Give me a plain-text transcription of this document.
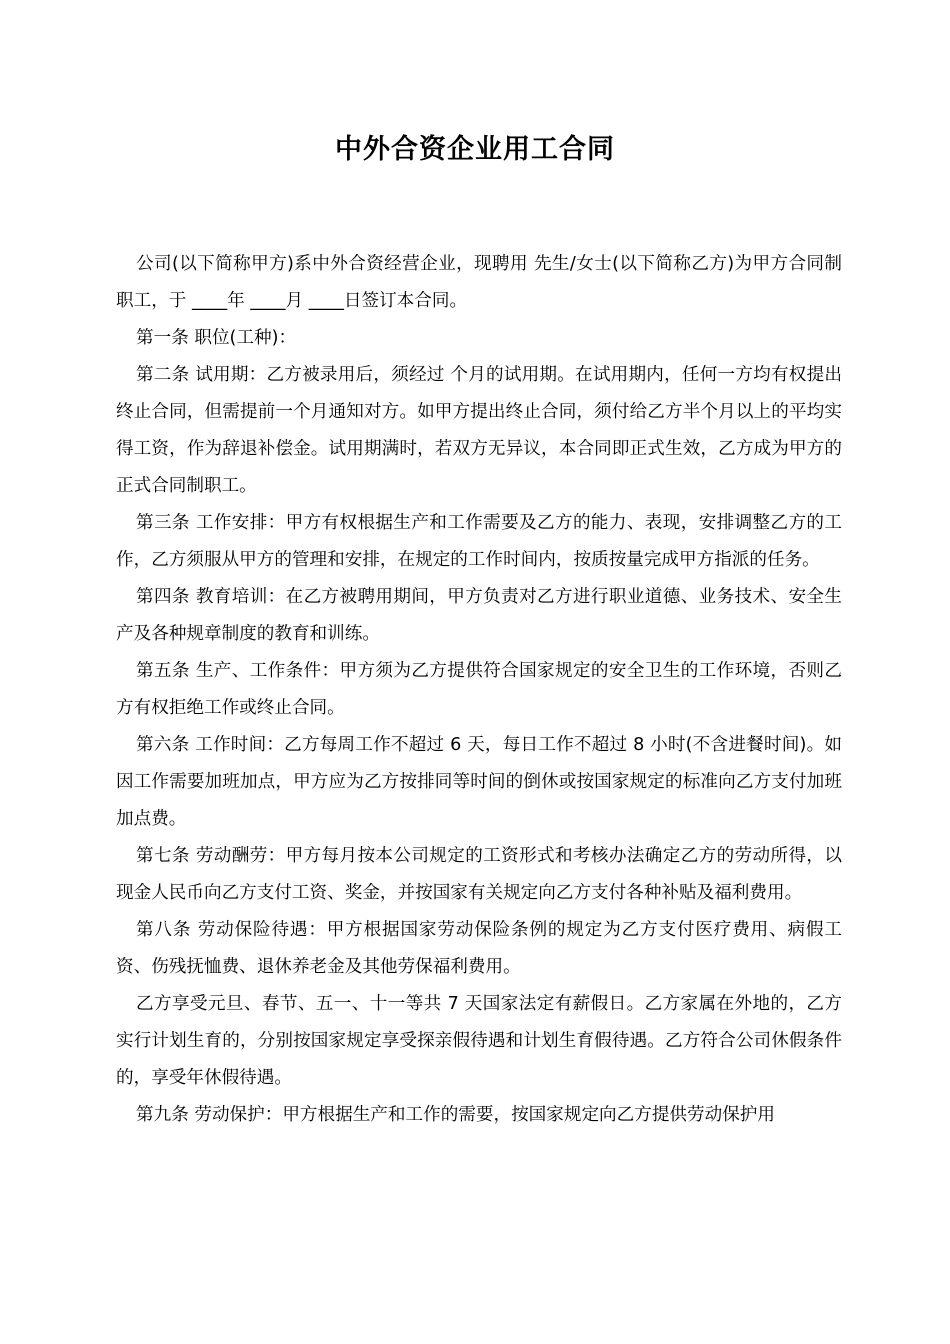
中外合资企业用工合同

公司(以下简称甲方)系中外合资经营企业，现聘用 先生/女士(以下简称乙方)为甲方合同制职工，于 ____年 ____月 ____日签订本合同。

第一条 职位(工种)：

第二条 试用期：乙方被录用后，须经过 个月的试用期。在试用期内，任何一方均有权提出终止合同，但需提前一个月通知对方。如甲方提出终止合同，须付给乙方半个月以上的平均实得工资，作为辞退补偿金。试用期满时，若双方无异议，本合同即正式生效，乙方成为甲方的正式合同制职工。

第三条 工作安排：甲方有权根据生产和工作需要及乙方的能力、表现，安排调整乙方的工作，乙方须服从甲方的管理和安排，在规定的工作时间内，按质按量完成甲方指派的任务。

第四条 教育培训：在乙方被聘用期间，甲方负责对乙方进行职业道德、业务技术、安全生产及各种规章制度的教育和训练。

第五条 生产、工作条件：甲方须为乙方提供符合国家规定的安全卫生的工作环境，否则乙方有权拒绝工作或终止合同。

第六条 工作时间：乙方每周工作不超过 6 天，每日工作不超过 8 小时(不含进餐时间)。如因工作需要加班加点，甲方应为乙方按排同等时间的倒休或按国家规定的标准向乙方支付加班加点费。

第七条 劳动酬劳：甲方每月按本公司规定的工资形式和考核办法确定乙方的劳动所得，以现金人民币向乙方支付工资、奖金，并按国家有关规定向乙方支付各种补贴及福利费用。

第八条 劳动保险待遇：甲方根据国家劳动保险条例的规定为乙方支付医疗费用、病假工资、伤残抚恤费、退休养老金及其他劳保福利费用。

乙方享受元旦、春节、五一、十一等共 7 天国家法定有薪假日。乙方家属在外地的，乙方实行计划生育的，分别按国家规定享受探亲假待遇和计划生育假待遇。乙方符合公司休假条件的，享受年休假待遇。

第九条 劳动保护：甲方根据生产和工作的需要，按国家规定向乙方提供劳动保护用
